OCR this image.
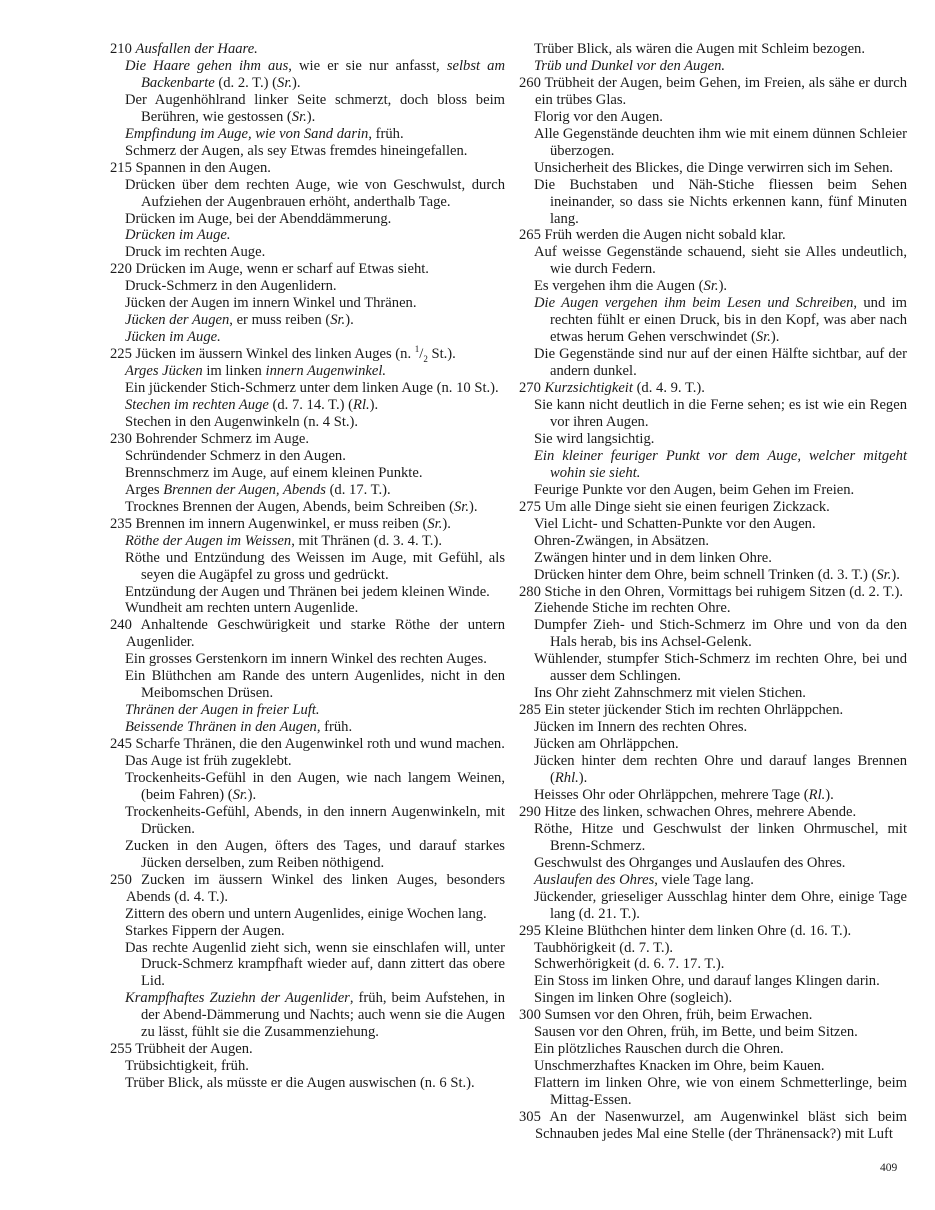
210 Ausfallen der Haare.
Die Haare gehen ihm aus, wie er sie nur anfasst, selbst am Backenbarte (d. 2. T.) (Sr.).
Der Augenhöhlrand linker Seite schmerzt, doch bloss beim Berühren, wie gestossen (Sr.).
Empfindung im Auge, wie von Sand darin, früh.
Schmerz der Augen, als sey Etwas fremdes hineingefallen.
215 Spannen in den Augen.
Drücken über dem rechten Auge, wie von Geschwulst, durch Aufziehen der Augenbrauen erhöht, anderthalb Tage.
Drücken im Auge, bei der Abenddämmerung.
Drücken im Auge.
Druck im rechten Auge.
220 Drücken im Auge, wenn er scharf auf Etwas sieht.
Druck-Schmerz in den Augenlidern.
Jücken der Augen im innern Winkel und Thränen.
Jücken der Augen, er muss reiben (Sr.).
Jücken im Auge.
225 Jücken im äussern Winkel des linken Auges (n. $^1/_2$ St.).
Arges Jücken im linken innern Augenwinkel.
Ein jückender Stich-Schmerz unter dem linken Auge (n. 10 St.).
Stechen im rechten Auge (d. 7. 14. T.) (Rl.).
Stechen in den Augenwinkeln (n. 4 St.).
230 Bohrender Schmerz im Auge.
Schründender Schmerz in den Augen.
Brennschmerz im Auge, auf einem kleinen Punkte.
Arges Brennen der Augen, Abends (d. 17. T.).
Trocknes Brennen der Augen, Abends, beim Schreiben (Sr.).
235 Brennen im innern Augenwinkel, er muss reiben (Sr.).
Röthe der Augen im Weissen, mit Thränen (d. 3. 4. T.).
Röthe und Entzündung des Weissen im Auge, mit Gefühl, als seyen die Augäpfel zu gross und gedrückt.
Entzündung der Augen und Thränen bei jedem kleinen Winde.
Wundheit am rechten untern Augenlide.
240 Anhaltende Geschwürigkeit und starke Röthe der untern Augenlider.
Ein grosses Gerstenkorn im innern Winkel des rechten Auges.
Ein Blüthchen am Rande des untern Augenlides, nicht in den Meibomschen Drüsen.
Thränen der Augen in freier Luft.
Beissende Thränen in den Augen, früh.
245 Scharfe Thränen, die den Augenwinkel roth und wund machen.
Das Auge ist früh zugeklebt.
Trockenheits-Gefühl in den Augen, wie nach langem Weinen, (beim Fahren) (Sr.).
Trockenheits-Gefühl, Abends, in den innern Augenwinkeln, mit Drücken.
Zucken in den Augen, öfters des Tages, und darauf starkes Jücken derselben, zum Reiben nöthigend.
250 Zucken im äussern Winkel des linken Auges, besonders Abends (d. 4. T.).
Zittern des obern und untern Augenlides, einige Wochen lang.
Starkes Fippern der Augen.
Das rechte Augenlid zieht sich, wenn sie einschlafen will, unter Druck-Schmerz krampfhaft wieder auf, dann zittert das obere Lid.
Krampfhaftes Zuziehn der Augenlider, früh, beim Aufstehen, in der Abend-Dämmerung und Nachts; auch wenn sie die Augen zu lässt, fühlt sie die Zusammenziehung.
255 Trübheit der Augen.
Trübsichtigkeit, früh.
Trüber Blick, als müsste er die Augen auswischen (n. 6 St.).
Trüber Blick, als wären die Augen mit Schleim bezogen.
Trüb und Dunkel vor den Augen.
260 Trübheit der Augen, beim Gehen, im Freien, als sähe er durch ein trübes Glas.
Florig vor den Augen.
Alle Gegenstände deuchten ihm wie mit einem dünnen Schleier überzogen.
Unsicherheit des Blickes, die Dinge verwirren sich im Sehen.
Die Buchstaben und Näh-Stiche fliessen beim Sehen ineinander, so dass sie Nichts erkennen kann, fünf Minuten lang.
265 Früh werden die Augen nicht sobald klar.
Auf weisse Gegenstände schauend, sieht sie Alles undeutlich, wie durch Federn.
Es vergehen ihm die Augen (Sr.).
Die Augen vergehen ihm beim Lesen und Schreiben, und im rechten fühlt er einen Druck, bis in den Kopf, was aber nach etwas herum Gehen verschwindet (Sr.).
Die Gegenstände sind nur auf der einen Hälfte sichtbar, auf der andern dunkel.
270 Kurzsichtigkeit (d. 4. 9. T.).
Sie kann nicht deutlich in die Ferne sehen; es ist wie ein Regen vor ihren Augen.
Sie wird langsichtig.
Ein kleiner feuriger Punkt vor dem Auge, welcher mitgeht wohin sie sieht.
Feurige Punkte vor den Augen, beim Gehen im Freien.
275 Um alle Dinge sieht sie einen feurigen Zickzack.
Viel Licht- und Schatten-Punkte vor den Augen.
Ohren-Zwängen, in Absätzen.
Zwängen hinter und in dem linken Ohre.
Drücken hinter dem Ohre, beim schnell Trinken (d. 3. T.) (Sr.).
280 Stiche in den Ohren, Vormittags bei ruhigem Sitzen (d. 2. T.).
Ziehende Stiche im rechten Ohre.
Dumpfer Zieh- und Stich-Schmerz im Ohre und von da den Hals herab, bis ins Achsel-Gelenk.
Wühlender, stumpfer Stich-Schmerz im rechten Ohre, bei und ausser dem Schlingen.
Ins Ohr zieht Zahnschmerz mit vielen Stichen.
285 Ein steter jückender Stich im rechten Ohrläppchen.
Jücken im Innern des rechten Ohres.
Jücken am Ohrläppchen.
Jücken hinter dem rechten Ohre und darauf langes Brennen (Rhl.).
Heisses Ohr oder Ohrläppchen, mehrere Tage (Rl.).
290 Hitze des linken, schwachen Ohres, mehrere Abende.
Röthe, Hitze und Geschwulst der linken Ohrmuschel, mit Brenn-Schmerz.
Geschwulst des Ohrganges und Auslaufen des Ohres.
Auslaufen des Ohres, viele Tage lang.
Jückender, grieseliger Ausschlag hinter dem Ohre, einige Tage lang (d. 21. T.).
295 Kleine Blüthchen hinter dem linken Ohre (d. 16. T.).
Taubhörigkeit (d. 7. T.).
Schwerhörigkeit (d. 6. 7. 17. T.).
Ein Stoss im linken Ohre, und darauf langes Klingen darin.
Singen im linken Ohre (sogleich).
300 Sumsen vor den Ohren, früh, beim Erwachen.
Sausen vor den Ohren, früh, im Bette, und beim Sitzen.
Ein plötzliches Rauschen durch die Ohren.
Unschmerzhaftes Knacken im Ohre, beim Kauen.
Flattern im linken Ohre, wie von einem Schmetterlinge, beim Mittag-Essen.
305 An der Nasenwurzel, am Augenwinkel bläst sich beim Schnauben jedes Mal eine Stelle (der Thränensack?) mit Luft
409
